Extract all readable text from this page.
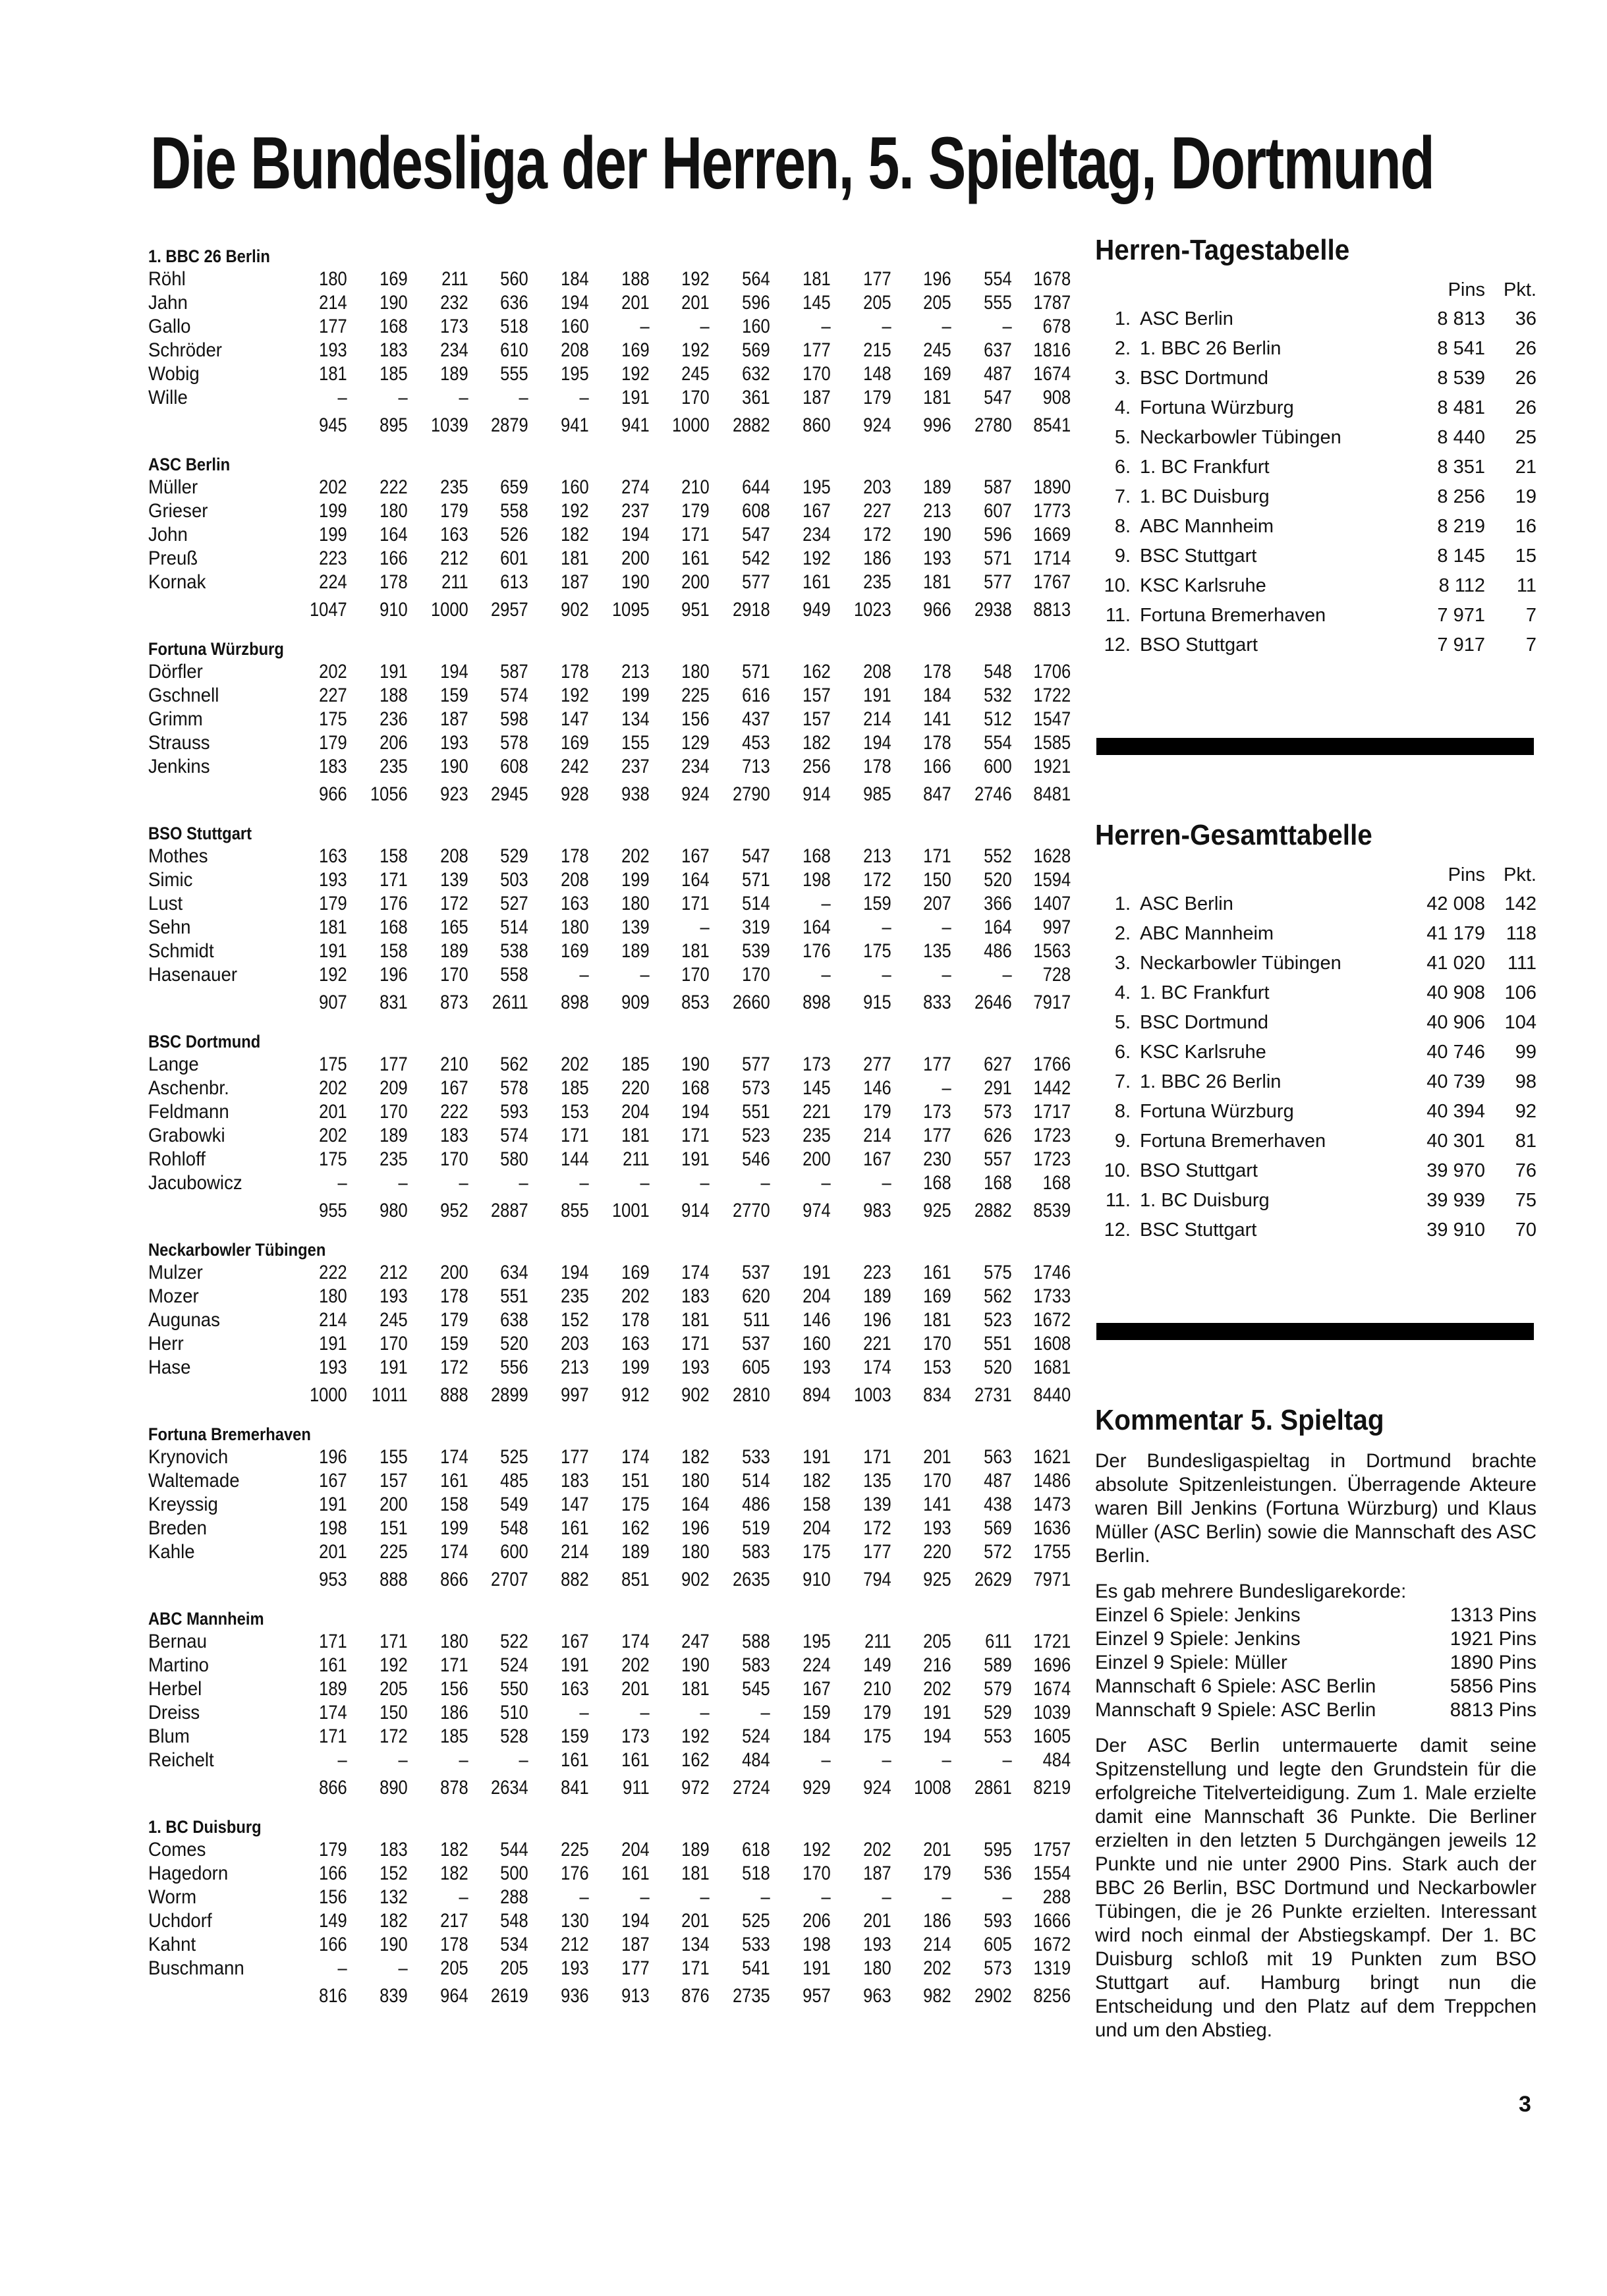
Die Bundesliga der Herren, 5. Spieltag, Dortmund
1. BBC 26 Berlin
Röhl	180	169	211	560	184	188	192	564	181	177	196	554	1678
Jahn	214	190	232	636	194	201	201	596	145	205	205	555	1787
Gallo	177	168	173	518	160	–	–	160	–	–	–	–	678
Schröder	193	183	234	610	208	169	192	569	177	215	245	637	1816
Wobig	181	185	189	555	195	192	245	632	170	148	169	487	1674
Wille	–	–	–	–	–	191	170	361	187	179	181	547	908
945	895	1039	2879	941	941	1000	2882	860	924	996	2780	8541
ASC Berlin
Müller	202	222	235	659	160	274	210	644	195	203	189	587	1890
Grieser	199	180	179	558	192	237	179	608	167	227	213	607	1773
John	199	164	163	526	182	194	171	547	234	172	190	596	1669
Preuß	223	166	212	601	181	200	161	542	192	186	193	571	1714
Kornak	224	178	211	613	187	190	200	577	161	235	181	577	1767
1047	910	1000	2957	902	1095	951	2918	949	1023	966	2938	8813
Fortuna Würzburg
Dörfler	202	191	194	587	178	213	180	571	162	208	178	548	1706
Gschnell	227	188	159	574	192	199	225	616	157	191	184	532	1722
Grimm	175	236	187	598	147	134	156	437	157	214	141	512	1547
Strauss	179	206	193	578	169	155	129	453	182	194	178	554	1585
Jenkins	183	235	190	608	242	237	234	713	256	178	166	600	1921
966	1056	923	2945	928	938	924	2790	914	985	847	2746	8481
BSO Stuttgart
Mothes	163	158	208	529	178	202	167	547	168	213	171	552	1628
Simic	193	171	139	503	208	199	164	571	198	172	150	520	1594
Lust	179	176	172	527	163	180	171	514	–	159	207	366	1407
Sehn	181	168	165	514	180	139	–	319	164	–	–	164	997
Schmidt	191	158	189	538	169	189	181	539	176	175	135	486	1563
Hasenauer	192	196	170	558	–	–	170	170	–	–	–	–	728
907	831	873	2611	898	909	853	2660	898	915	833	2646	7917
BSC Dortmund
Lange	175	177	210	562	202	185	190	577	173	277	177	627	1766
Aschenbr.	202	209	167	578	185	220	168	573	145	146	–	291	1442
Feldmann	201	170	222	593	153	204	194	551	221	179	173	573	1717
Grabowki	202	189	183	574	171	181	171	523	235	214	177	626	1723
Rohloff	175	235	170	580	144	211	191	546	200	167	230	557	1723
Jacubowicz	–	–	–	–	–	–	–	–	–	–	168	168	168
955	980	952	2887	855	1001	914	2770	974	983	925	2882	8539
Neckarbowler Tübingen
Mulzer	222	212	200	634	194	169	174	537	191	223	161	575	1746
Mozer	180	193	178	551	235	202	183	620	204	189	169	562	1733
Augunas	214	245	179	638	152	178	181	511	146	196	181	523	1672
Herr	191	170	159	520	203	163	171	537	160	221	170	551	1608
Hase	193	191	172	556	213	199	193	605	193	174	153	520	1681
1000	1011	888	2899	997	912	902	2810	894	1003	834	2731	8440
Fortuna Bremerhaven
Krynovich	196	155	174	525	177	174	182	533	191	171	201	563	1621
Waltemade	167	157	161	485	183	151	180	514	182	135	170	487	1486
Kreyssig	191	200	158	549	147	175	164	486	158	139	141	438	1473
Breden	198	151	199	548	161	162	196	519	204	172	193	569	1636
Kahle	201	225	174	600	214	189	180	583	175	177	220	572	1755
953	888	866	2707	882	851	902	2635	910	794	925	2629	7971
ABC Mannheim
Bernau	171	171	180	522	167	174	247	588	195	211	205	611	1721
Martino	161	192	171	524	191	202	190	583	224	149	216	589	1696
Herbel	189	205	156	550	163	201	181	545	167	210	202	579	1674
Dreiss	174	150	186	510	–	–	–	–	159	179	191	529	1039
Blum	171	172	185	528	159	173	192	524	184	175	194	553	1605
Reichelt	–	–	–	–	161	161	162	484	–	–	–	–	484
866	890	878	2634	841	911	972	2724	929	924	1008	2861	8219
1. BC Duisburg
Comes	179	183	182	544	225	204	189	618	192	202	201	595	1757
Hagedorn	166	152	182	500	176	161	181	518	170	187	179	536	1554
Worm	156	132	–	288	–	–	–	–	–	–	–	–	288
Uchdorf	149	182	217	548	130	194	201	525	206	201	186	593	1666
Kahnt	166	190	178	534	212	187	134	533	198	193	214	605	1672
Buschmann	–	–	205	205	193	177	171	541	191	180	202	573	1319
816	839	964	2619	936	913	876	2735	957	963	982	2902	8256
Herren-Tagestabelle
Pins Pkt.
1. ASC Berlin	8 813	36
2. 1. BBC 26 Berlin	8 541	26
3. BSC Dortmund	8 539	26
4. Fortuna Würzburg	8 481	26
5. Neckarbowler Tübingen	8 440	25
6. 1. BC Frankfurt	8 351	21
7. 1. BC Duisburg	8 256	19
8. ABC Mannheim	8 219	16
9. BSC Stuttgart	8 145	15
10. KSC Karlsruhe	8 112	11
11. Fortuna Bremerhaven	7 971	7
12. BSO Stuttgart	7 917	7
Herren-Gesamttabelle
Pins Pkt.
1. ASC Berlin	42 008	142
2. ABC Mannheim	41 179	118
3. Neckarbowler Tübingen	41 020	111
4. 1. BC Frankfurt	40 908	106
5. BSC Dortmund	40 906	104
6. KSC Karlsruhe	40 746	99
7. 1. BBC 26 Berlin	40 739	98
8. Fortuna Würzburg	40 394	92
9. Fortuna Bremerhaven	40 301	81
10. BSO Stuttgart	39 970	76
11. 1. BC Duisburg	39 939	75
12. BSC Stuttgart	39 910	70
Kommentar 5. Spieltag
Der Bundesligaspieltag in Dortmund brachte absolute Spitzenleistungen. Überragende Akteure waren Bill Jenkins (Fortuna Würzburg) und Klaus Müller (ASC Berlin) sowie die Mannschaft des ASC Berlin.
Es gab mehrere Bundesligarekorde:
Einzel 6 Spiele: Jenkins	1313 Pins
Einzel 9 Spiele: Jenkins	1921 Pins
Einzel 9 Spiele: Müller	1890 Pins
Mannschaft 6 Spiele: ASC Berlin	5856 Pins
Mannschaft 9 Spiele: ASC Berlin	8813 Pins
Der ASC Berlin untermauerte damit seine Spitzenstellung und legte den Grundstein für die erfolgreiche Titelverteidigung. Zum 1. Male erzielte damit eine Mannschaft 36 Punkte. Die Berliner erzielten in den letzten 5 Durchgängen jeweils 12 Punkte und nie unter 2900 Pins. Stark auch der BBC 26 Berlin, BSC Dortmund und Neckarbowler Tübingen, die je 26 Punkte erzielten. Interessant wird noch einmal der Abstiegskampf. Der 1. BC Duisburg schloß mit 19 Punkten zum BSO Stuttgart auf. Hamburg bringt nun die Entscheidung und den Platz auf dem Treppchen und um den Abstieg.
3
